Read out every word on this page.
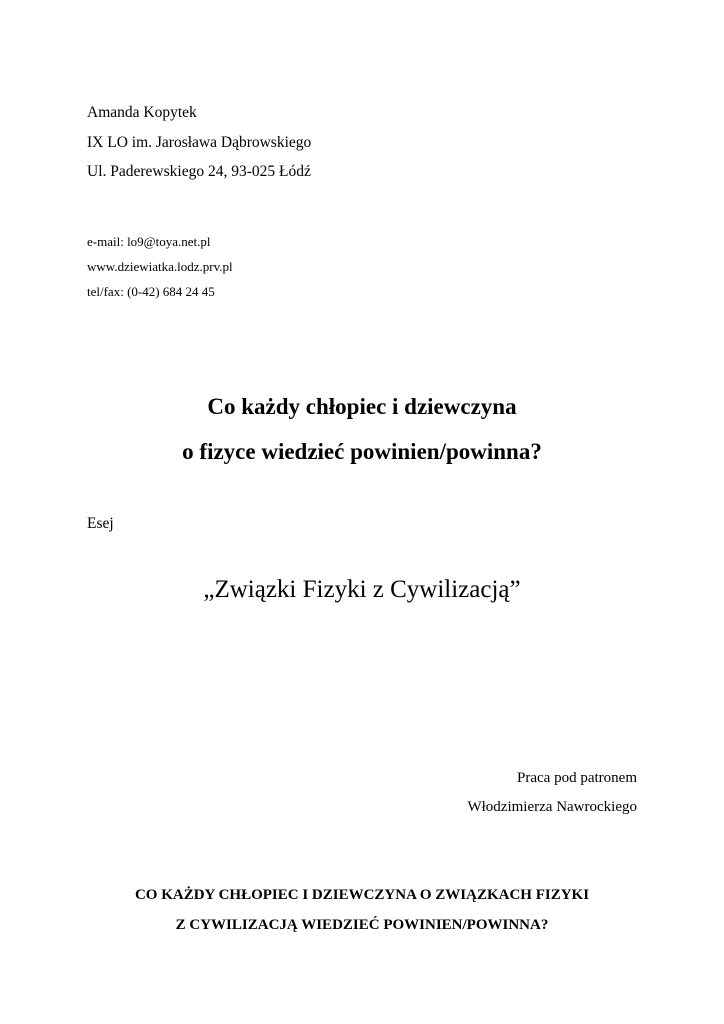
Amanda Kopytek
IX LO im. Jarosława Dąbrowskiego
Ul. Paderewskiego 24, 93-025 Łódź
e-mail: lo9@toya.net.pl
www.dziewiatka.lodz.prv.pl
tel/fax: (0-42) 684 24 45
Co każdy chłopiec i dziewczyna
o fizyce wiedzieć powinien/powinna?
Esej
„Związki Fizyki z Cywilizacją”
Praca pod patronem
Włodzimierza Nawrockiego
CO KAŻDY CHŁOPIEC I DZIEWCZYNA O ZWIĄZKACH FIZYKI
Z CYWILIZACJĄ WIEDZIEĆ POWINIEN/POWINNA?
